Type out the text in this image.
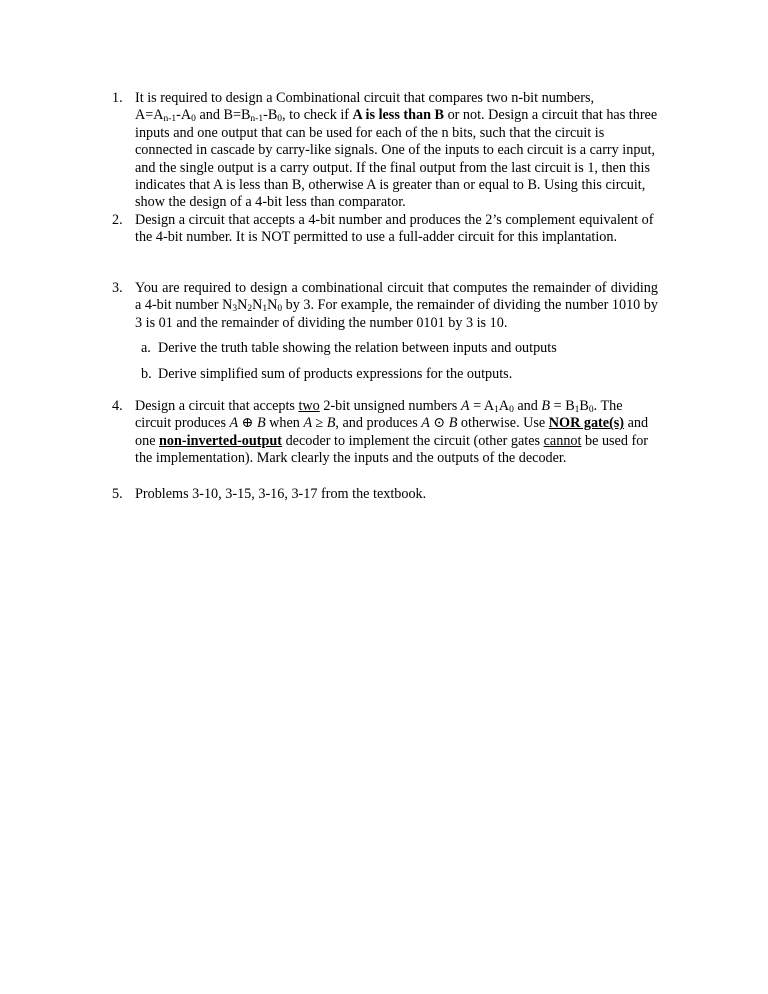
1. It is required to design a Combinational circuit that compares two n-bit numbers,
$A=A_{n-1}-A_0$ and $B=B_{n-1}-B_0$, to check if A is less than B or not. Design a circuit that has three inputs and one output that can be used for each of the n bits, such that the circuit is connected in cascade by carry-like signals. One of the inputs to each circuit is a carry input, and the single output is a carry output. If the final output from the last circuit is 1, then this indicates that A is less than B, otherwise A is greater than or equal to B. Using this circuit, show the design of a 4-bit less than comparator.
2. Design a circuit that accepts a 4-bit number and produces the 2’s complement equivalent of the 4-bit number. It is NOT permitted to use a full-adder circuit for this implantation.
3. You are required to design a combinational circuit that computes the remainder of dividing a 4-bit number $N_3N_2N_1N_0$ by 3. For example, the remainder of dividing the number 1010 by 3 is 01 and the remainder of dividing the number 0101 by 3 is 10.
a. Derive the truth table showing the relation between inputs and outputs
b. Derive simplified sum of products expressions for the outputs.
4. Design a circuit that accepts two 2-bit unsigned numbers $A = A_1A_0$ and $B = B_1B_0$. The circuit produces A ⊕ B when A ≥ B, and produces A ⊙ B otherwise. Use NOR gate(s) and one non-inverted-output decoder to implement the circuit (other gates cannot be used for the implementation). Mark clearly the inputs and the outputs of the decoder.
5. Problems 3-10, 3-15, 3-16, 3-17 from the textbook.
